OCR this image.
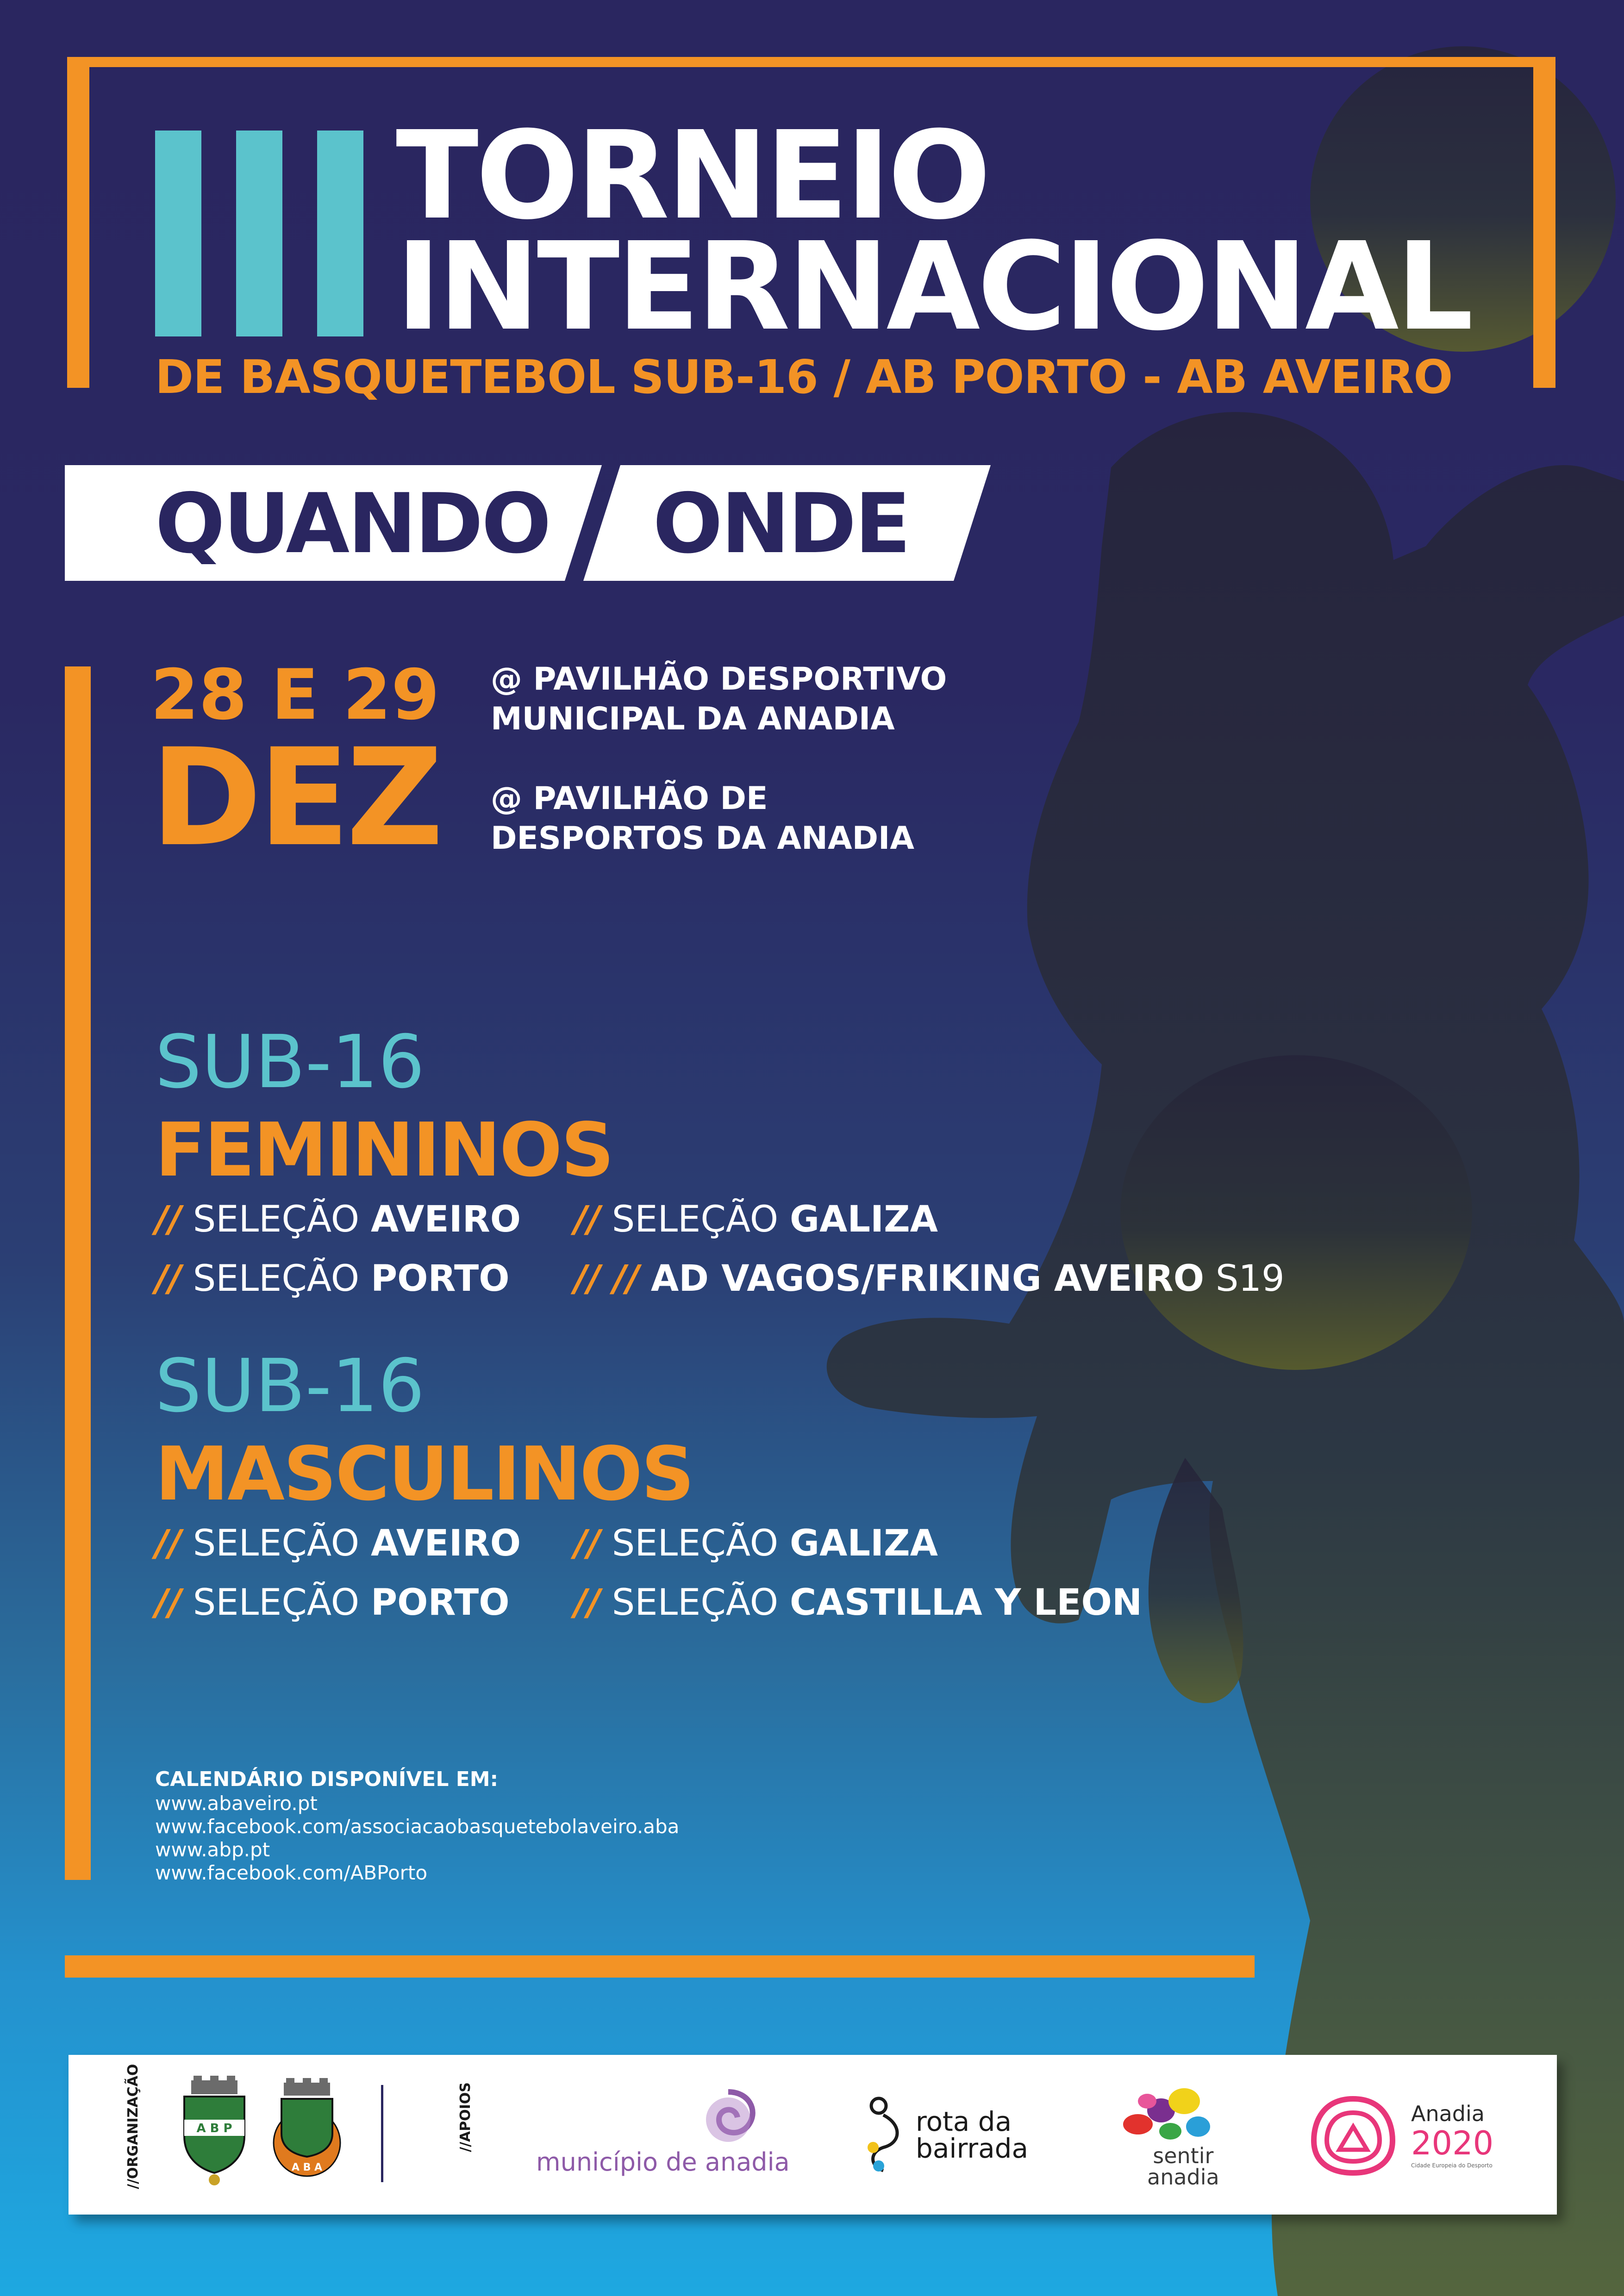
TORNEIO
INTERNACIONAL

DE BASQUETEBOL SUB-16 / AB PORTO - AB AVEIRO

QUANDO ONDE
28 E 29
DEZ
@ PAVILHÃO DESPORTIVO
MUNICIPAL DA ANADIA
@ PAVILHÃO DE
DESPORTOS DA ANADIA
SUB-16
FEMININOS
// SELEÇÃO AVEIRO // SELEÇÃO GALIZA
// SELEÇÃO PORTO // // AD VAGOS/FRIKING AVEIRO S19
SUB-16
MASCULINOS
// SELEÇÃO AVEIRO // SELEÇÃO GALIZA
// SELEÇÃO PORTO // SELEÇÃO CASTILLA Y LEON
CALENDÁRIO DISPONÍVEL EM:
www.abaveiro.pt
www.facebook.com/associacaobasquetebolaveiro.aba
www.abp.pt
www.facebook.com/ABPorto
//ORGANIZAÇÃO	A B P
A B A
//APOIOS
município de anadia
rota da
bairrada	sentir
anadia
Anadia
2020
Cidade Europeia do Desporto
